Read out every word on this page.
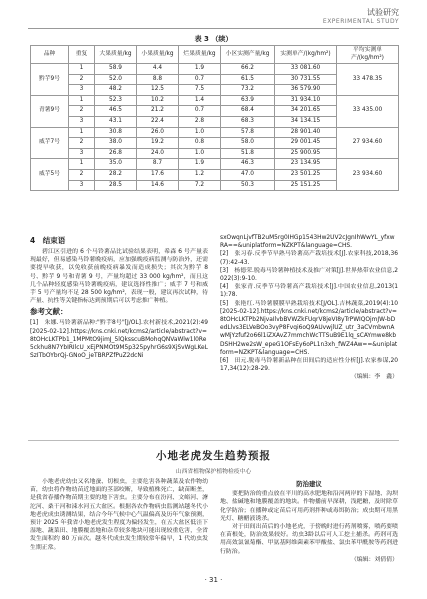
试验研究
EXPERIMENTAL STUDY
表 3 （续）
品种	重复	大果质量/kg	小果质量/kg	烂果质量/kg	小区实测产量/kg	实测单产/(kg/hm²)	平均实测单产/(kg/hm²)
黔芋9号	1	58.9	4.4	1.9	66.2	33 081.60	33 478.35
	2	52.0	8.8	0.7	61.5	30 731.55	
	3	48.2	12.5	7.5	73.2	36 579.90	
青薯9号	1	52.3	10.2	1.4	63.9	31 934.10	33 435.00
	2	46.5	21.2	0.7	68.4	34 201.65	
	3	43.1	22.4	2.8	68.3	34 134.15	
威芋7号	1	30.8	26.0	1.0	57.8	28 901.40	27 934.60
	2	38.0	19.2	0.8	58.0	29 001.45	
	3	26.8	24.0	1.0	51.8	25 900.95	
威芋5号	1	35.0	8.7	1.9	46.3	23 134.95	23 934.60
	2	28.2	17.6	1.2	47.0	23 501.25	
	3	28.5	14.6	7.2	50.3	25 151.25	
4　结束语

碧江区引进的 6 个马铃薯品比试验结果表明，希森 6 号产量表现最好，但易感染马铃薯晚疫病，应加强晚疫病监测与防治外，还需要提早收获，以免收获前晚疫病暴发而造成损失；其次为黔芋 8 号、黔芋 9 号和青薯 9 号，产量均超过 33 000 kg/hm²，而且这几个品种轻度感染马铃薯晚疫病，建议选择性推广；威芋 7 号和威芋 5 号产量均不足 28 500 kg/hm²，表现一般，建议再次试种，待产量、抗性等关键指标达到预期后可以考虑推广种植。

参考文献：

[1]　朱娜.马铃薯新品种:"黔芋8号"[J/OL].农村新技术,2021(2):49[2025-02-12].https://kns.cnki.net/kcms2/article/abstract?v=8tOHcLKTPb1_1MPMtO9jimJ_5lQksscuBMohqQNVaWlw1l0Re5ckhu8N7YbIRIlcU_xEjPNMOt9M5p325pyhrG6s9XjSvWgLKeLSzITbOYbrQj-GNoO_jeTBRPZfPuZ2dcNi

sxOwqnLjvfTB2uM5rg0IHGp1543Hw2UV2cJgnIhWwYL_yfxwRA==&uniplatform=NZKPT&language=CHS.

[2]　张习春.反季节早熟马铃薯高产栽培技术[J].农家科技,2018,36(7):42-43.

[3]　杨德荣.脱毒马铃薯种植技术及推广对策[J].世界热带农业信息,2022(3):9-10.

[4]　张家青.反季节马铃薯高产栽培技术[J].中国农业信息,2013(11):78.

[5]　张艳红.马铃薯膜膜早熟栽培技术[J/OL].吉林蔬菜,2019(4):10[2025-02-12].https://kns.cnki.net/kcms2/article/abstract?v=8tOHcLKTPb2NjvaIlvbBVWZkFUqrV8jeVI8yTrPWIQOjmJW-bDedLlvs3ELVeBOo3vyP8Fvqi6oQ9AUvwjlUZ_utr_3aCVmbwnAwMjYzfuf2o66l1iZXAvZ7mmchWcTTSuB9E1lq_sCAYmwe8kbDSHH2we2sW_epeG1OFsEy6oPL1n3xh_fWZ4Aw==&uniplatform=NZKPT&language=CHS.

[6]　田元.脱毒马铃薯新品种在田间后的适应性分析[J].农家参谋,2017,34(12):28-29.

（编辑：李　鑫）

小地老虎发生趋势预报
山西省植物保护植物检疫中心

小地老虎幼虫又名地蚕、切根虫，主要危害各种蔬菜及农作物幼苗，幼虫将作物幼苗近地面的茎部咬断，导致植株死亡，缺苗断垄，是我省春播作物苗期主要的地下害虫。主要分布在汾河、文峪河、滹沱河、桑干河和涑水河五大盆区。根据各农作物病虫监测站越冬代小地老虎成虫诱测结果，结合今年气候中心气温偏高及历年气象预测，预计 2025 年我省小地老虎发生程度为偏轻发生，在五大盆区低洼下湿地、蔬菜田、地膜覆盖地和杂草较多地块可能出现较重危害，全省发生面积约 80 万亩次。越冬代成虫发生期较常年偏早，1 代幼虫发生期正常。

防治建议

要把防治的重点放在平川的高水肥地和沿河两岸的下湿地、沟坝地、盐碱地和地膜覆盖的地块。作物播前早深耕，浅耙耱，及时除草化学防治；在播种或定苗后可用药剂拌种或毒饵防治；成虫期可用黑光灯、糖醋液诱杀。

对于田间出苗后的小地老虎，于傍晚时进行药剂喷雾，喷药要喷在苗根处，防治效果较好。幼虫3龄以后可人工挖土捕杀。药剂可选用高效氯氰菊酯、甲氨基阿维菌素苯甲酸盐、氯虫苯甲酰胺等药剂进行防治。

（编辑：刘倩倩）

· 31 ·
